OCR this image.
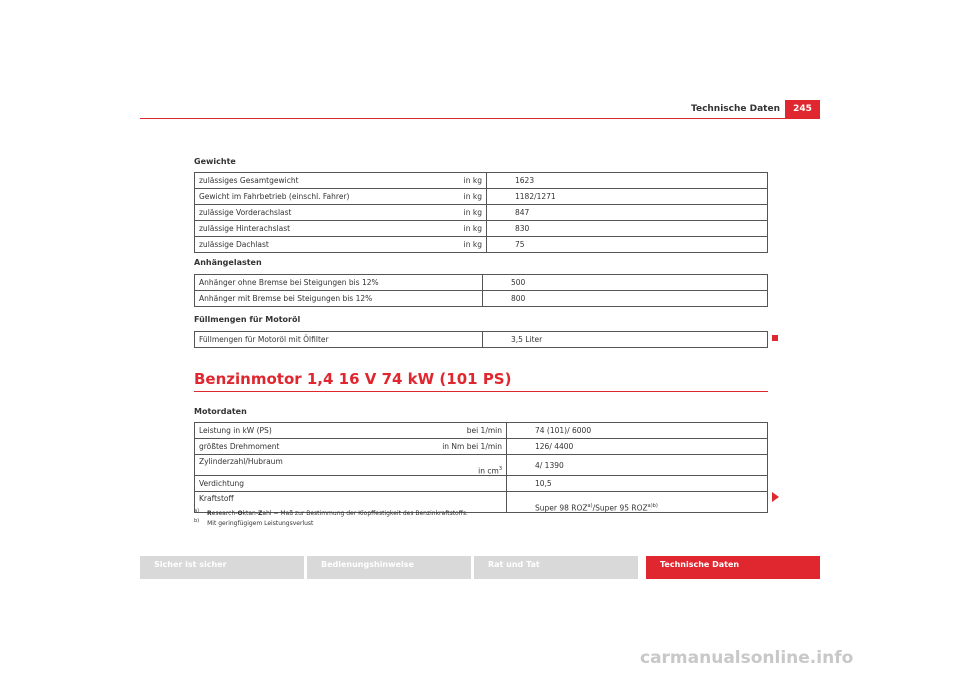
Technische Daten	245
Gewichte
zulässiges Gesamtgewicht	in kg	1623
Gewicht im Fahrbetrieb (einschl. Fahrer)	in kg	1182/1271
zulässige Vorderachslast	in kg	847
zulässige Hinterachslast	in kg	830
zulässige Dachlast	in kg	75
Anhängelasten
Anhänger ohne Bremse bei Steigungen bis 12%	500
Anhänger mit Bremse bei Steigungen bis 12%	800
Füllmengen für Motoröl
Füllmengen für Motoröl mit Ölfilter	3,5 Liter
Benzinmotor 1,4 16 V 74 kW (101 PS)
Motordaten
Leistung in kW (PS)	bei 1/min	74 (101)/ 6000
größtes Drehmoment	in Nm bei 1/min	126/ 4400
Zylinderzahl/Hubraum	in $cm^3$	4/ 1390
Verdichtung		10,5
Kraftstoff		Super 98 ROZ$^{a)}$/Super 95 $ROZ^{a)b)}$
$^{a)}$ Research-Oktan-Zahl = Maß zur Bestimmung der Klopffestigkeit des Benzinkraftstoffs.
$^{b)}$ Mit geringfügigem Leistungsverlust
Sicher ist sicher	Bedienungshinweise	Rat und Tat	Technische Daten
carmanualsonline.info
